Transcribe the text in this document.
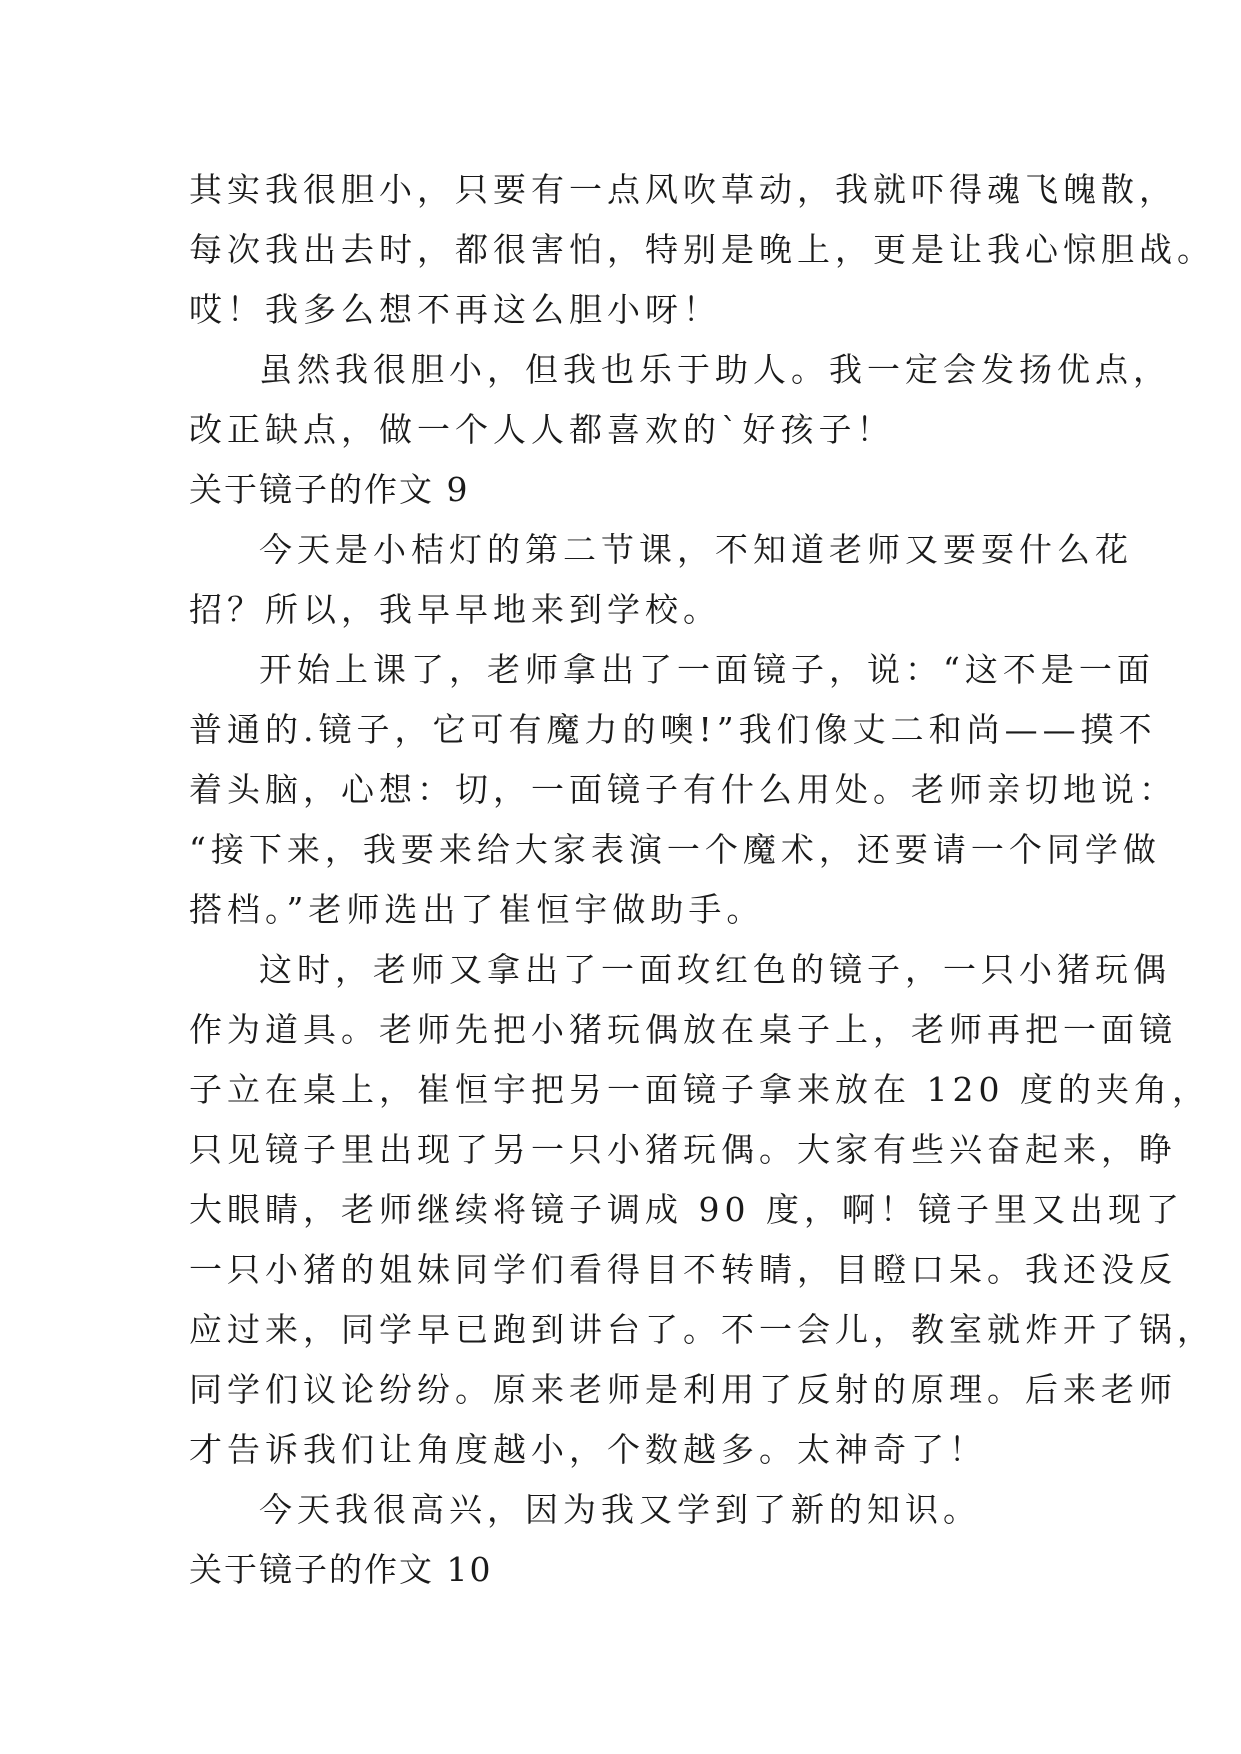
其实我很胆小，只要有一点风吹草动，我就吓得魂飞魄散，
每次我出去时，都很害怕，特别是晚上，更是让我心惊胆战。
哎！我多么想不再这么胆小呀！
虽然我很胆小，但我也乐于助人。我一定会发扬优点，
改正缺点，做一个人人都喜欢的`好孩子！
关于镜子的作文 9
今天是小桔灯的第二节课，不知道老师又要耍什么花
招？所以，我早早地来到学校。
开始上课了，老师拿出了一面镜子，说：“这不是一面
普通的.镜子，它可有魔力的噢!”我们像丈二和尚——摸不
着头脑，心想：切，一面镜子有什么用处。老师亲切地说：
“接下来，我要来给大家表演一个魔术，还要请一个同学做
搭档。”老师选出了崔恒宇做助手。
这时，老师又拿出了一面玫红色的镜子，一只小猪玩偶
作为道具。老师先把小猪玩偶放在桌子上，老师再把一面镜
子立在桌上，崔恒宇把另一面镜子拿来放在 120 度的夹角，
只见镜子里出现了另一只小猪玩偶。大家有些兴奋起来，睁
大眼睛，老师继续将镜子调成 90 度，啊！镜子里又出现了
一只小猪的姐妹同学们看得目不转睛，目瞪口呆。我还没反
应过来，同学早已跑到讲台了。不一会儿，教室就炸开了锅，
同学们议论纷纷。原来老师是利用了反射的原理。后来老师
才告诉我们让角度越小，个数越多。太神奇了！
今天我很高兴，因为我又学到了新的知识。
关于镜子的作文 10
